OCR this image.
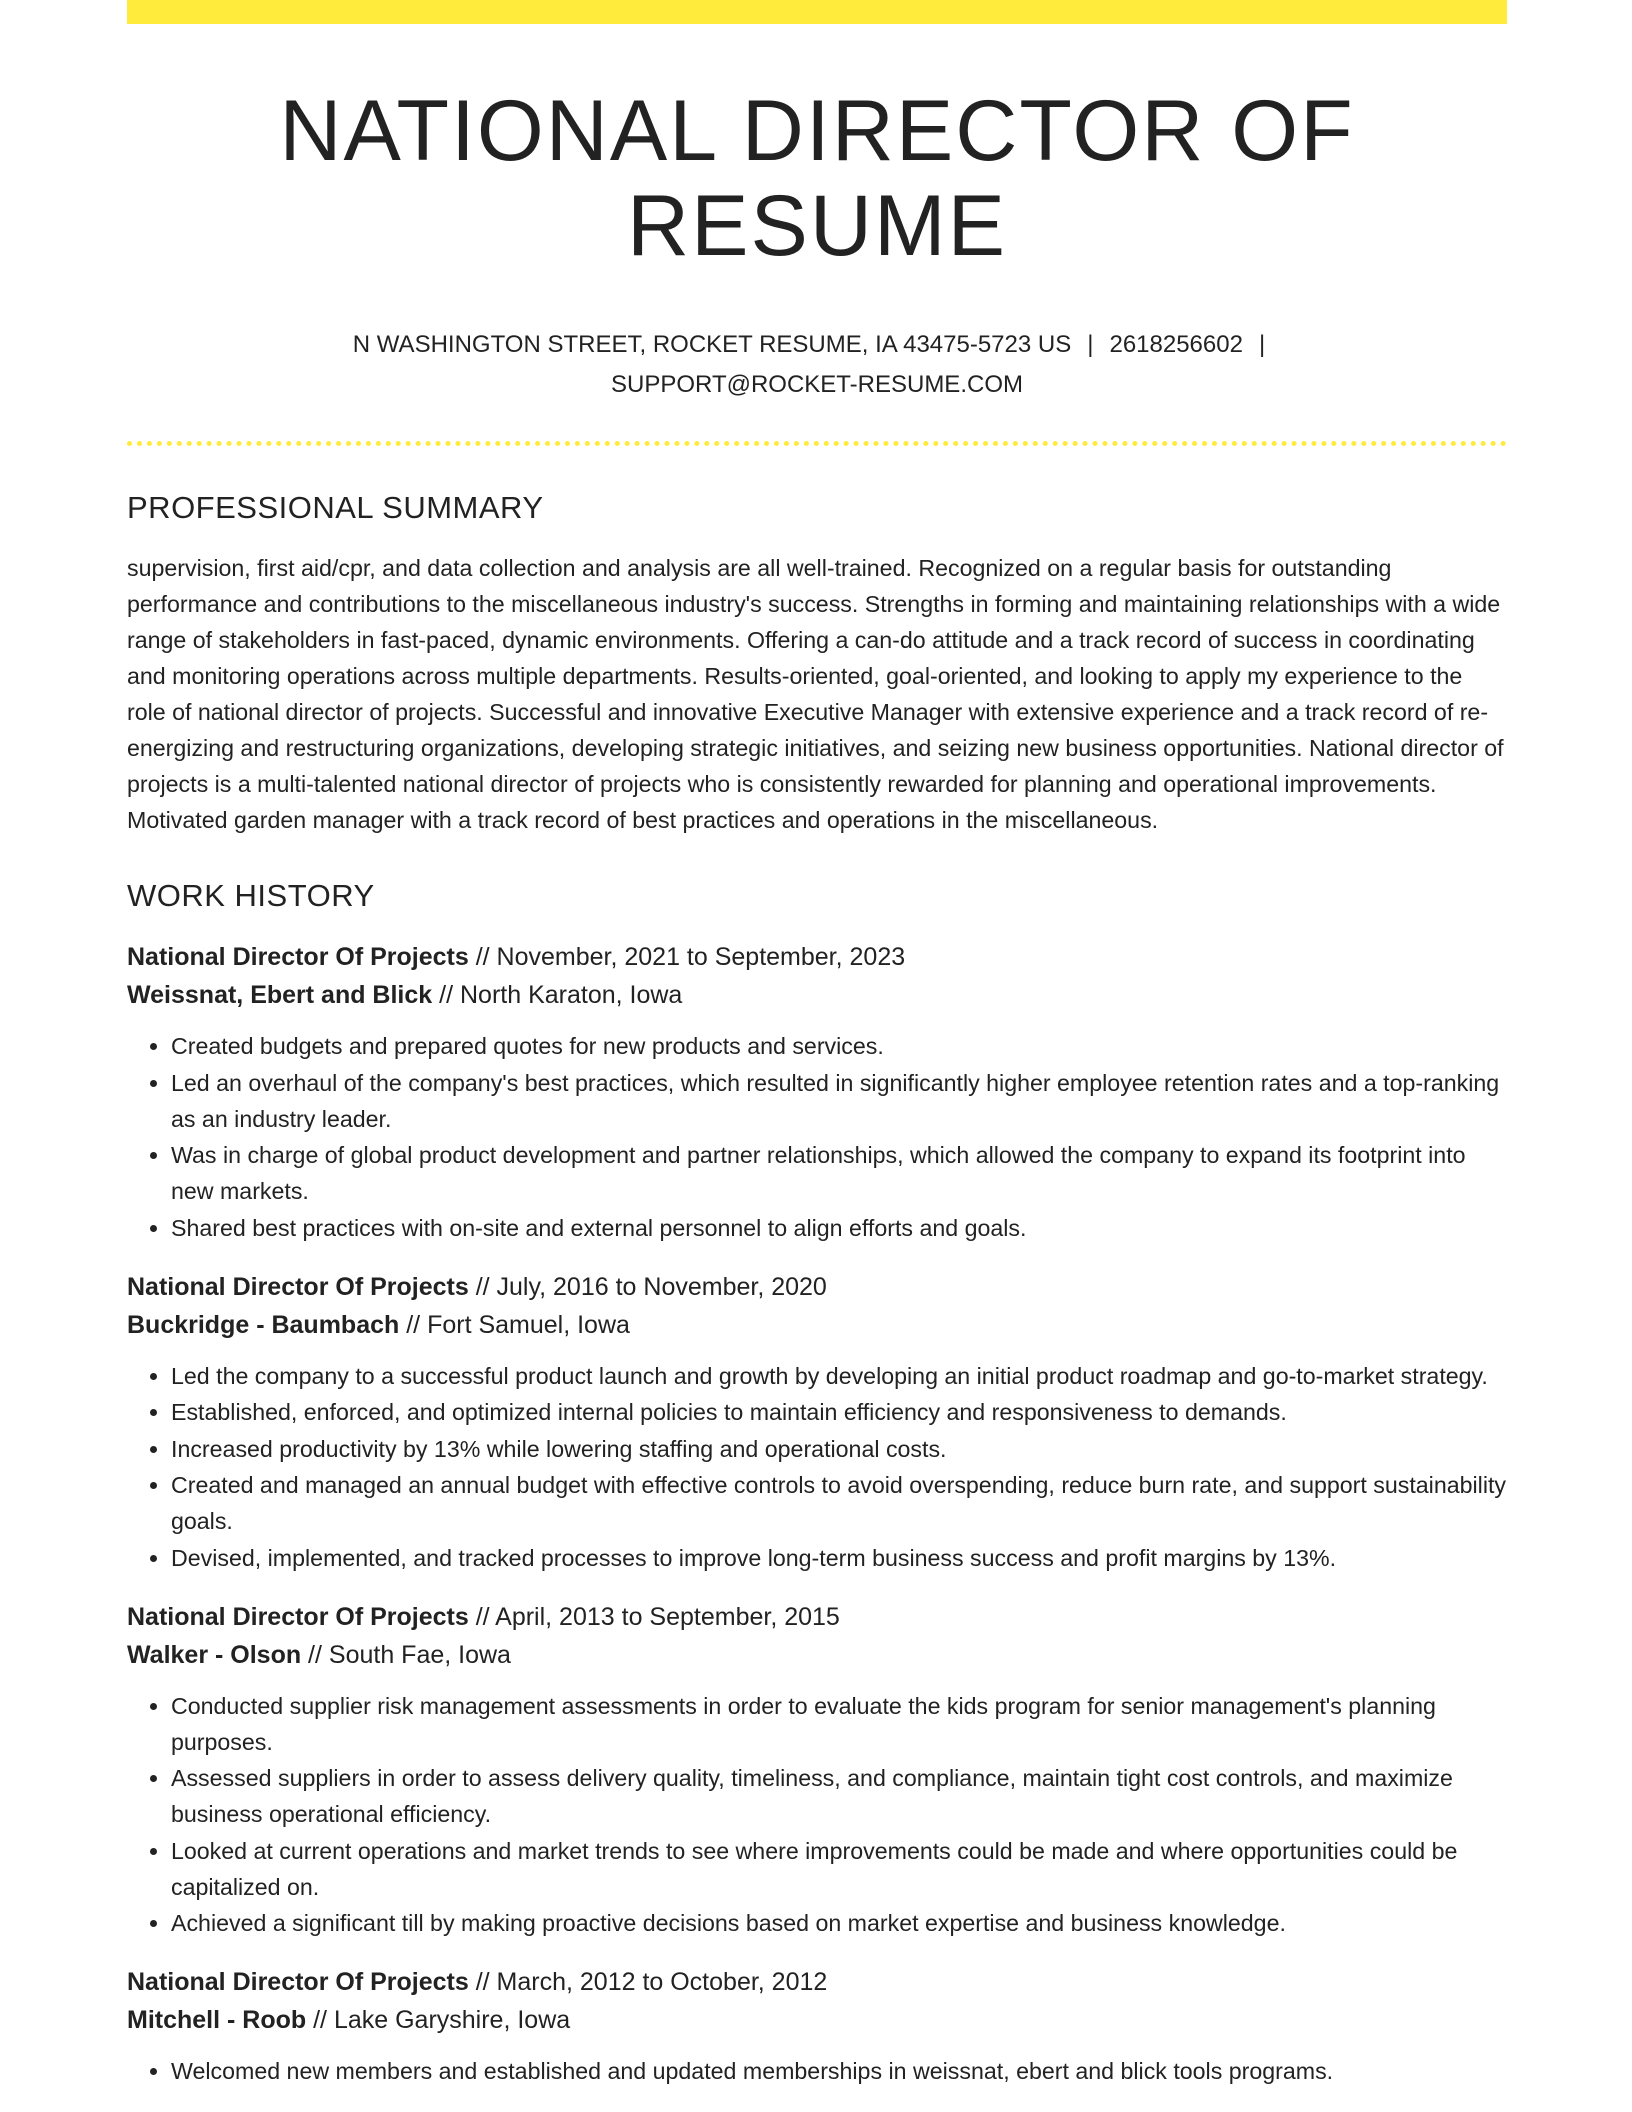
NATIONAL DIRECTOR OF RESUME
N WASHINGTON STREET, ROCKET RESUME, IA 43475-5723 US | 2618256602 |
SUPPORT@ROCKET-RESUME.COM
PROFESSIONAL SUMMARY

supervision, first aid/cpr, and data collection and analysis are all well-trained. Recognized on a regular basis for outstanding performance and contributions to the miscellaneous industry's success. Strengths in forming and maintaining relationships with a wide range of stakeholders in fast-paced, dynamic environments. Offering a can-do attitude and a track record of success in coordinating and monitoring operations across multiple departments. Results-oriented, goal-oriented, and looking to apply my experience to the role of national director of projects. Successful and innovative Executive Manager with extensive experience and a track record of re-energizing and restructuring organizations, developing strategic initiatives, and seizing new business opportunities. National director of projects is a multi-talented national director of projects who is consistently rewarded for planning and operational improvements. Motivated garden manager with a track record of best practices and operations in the miscellaneous.

WORK HISTORY
National Director Of Projects // November, 2021 to September, 2023
Weissnat, Ebert and Blick // North Karaton, Iowa
• Created budgets and prepared quotes for new products and services.
• Led an overhaul of the company's best practices, which resulted in significantly higher employee retention rates and a top-ranking as an industry leader.
• Was in charge of global product development and partner relationships, which allowed the company to expand its footprint into new markets.
• Shared best practices with on-site and external personnel to align efforts and goals.
National Director Of Projects // July, 2016 to November, 2020
Buckridge - Baumbach // Fort Samuel, Iowa
• Led the company to a successful product launch and growth by developing an initial product roadmap and go-to-market strategy.
• Established, enforced, and optimized internal policies to maintain efficiency and responsiveness to demands.
• Increased productivity by 13% while lowering staffing and operational costs.
• Created and managed an annual budget with effective controls to avoid overspending, reduce burn rate, and support sustainability goals.
• Devised, implemented, and tracked processes to improve long-term business success and profit margins by 13%.
National Director Of Projects // April, 2013 to September, 2015
Walker - Olson // South Fae, Iowa
• Conducted supplier risk management assessments in order to evaluate the kids program for senior management's planning purposes.
• Assessed suppliers in order to assess delivery quality, timeliness, and compliance, maintain tight cost controls, and maximize business operational efficiency.
• Looked at current operations and market trends to see where improvements could be made and where opportunities could be capitalized on.
• Achieved a significant till by making proactive decisions based on market expertise and business knowledge.
National Director Of Projects // March, 2012 to October, 2012
Mitchell - Roob // Lake Garyshire, Iowa
• Welcomed new members and established and updated memberships in weissnat, ebert and blick tools programs.
